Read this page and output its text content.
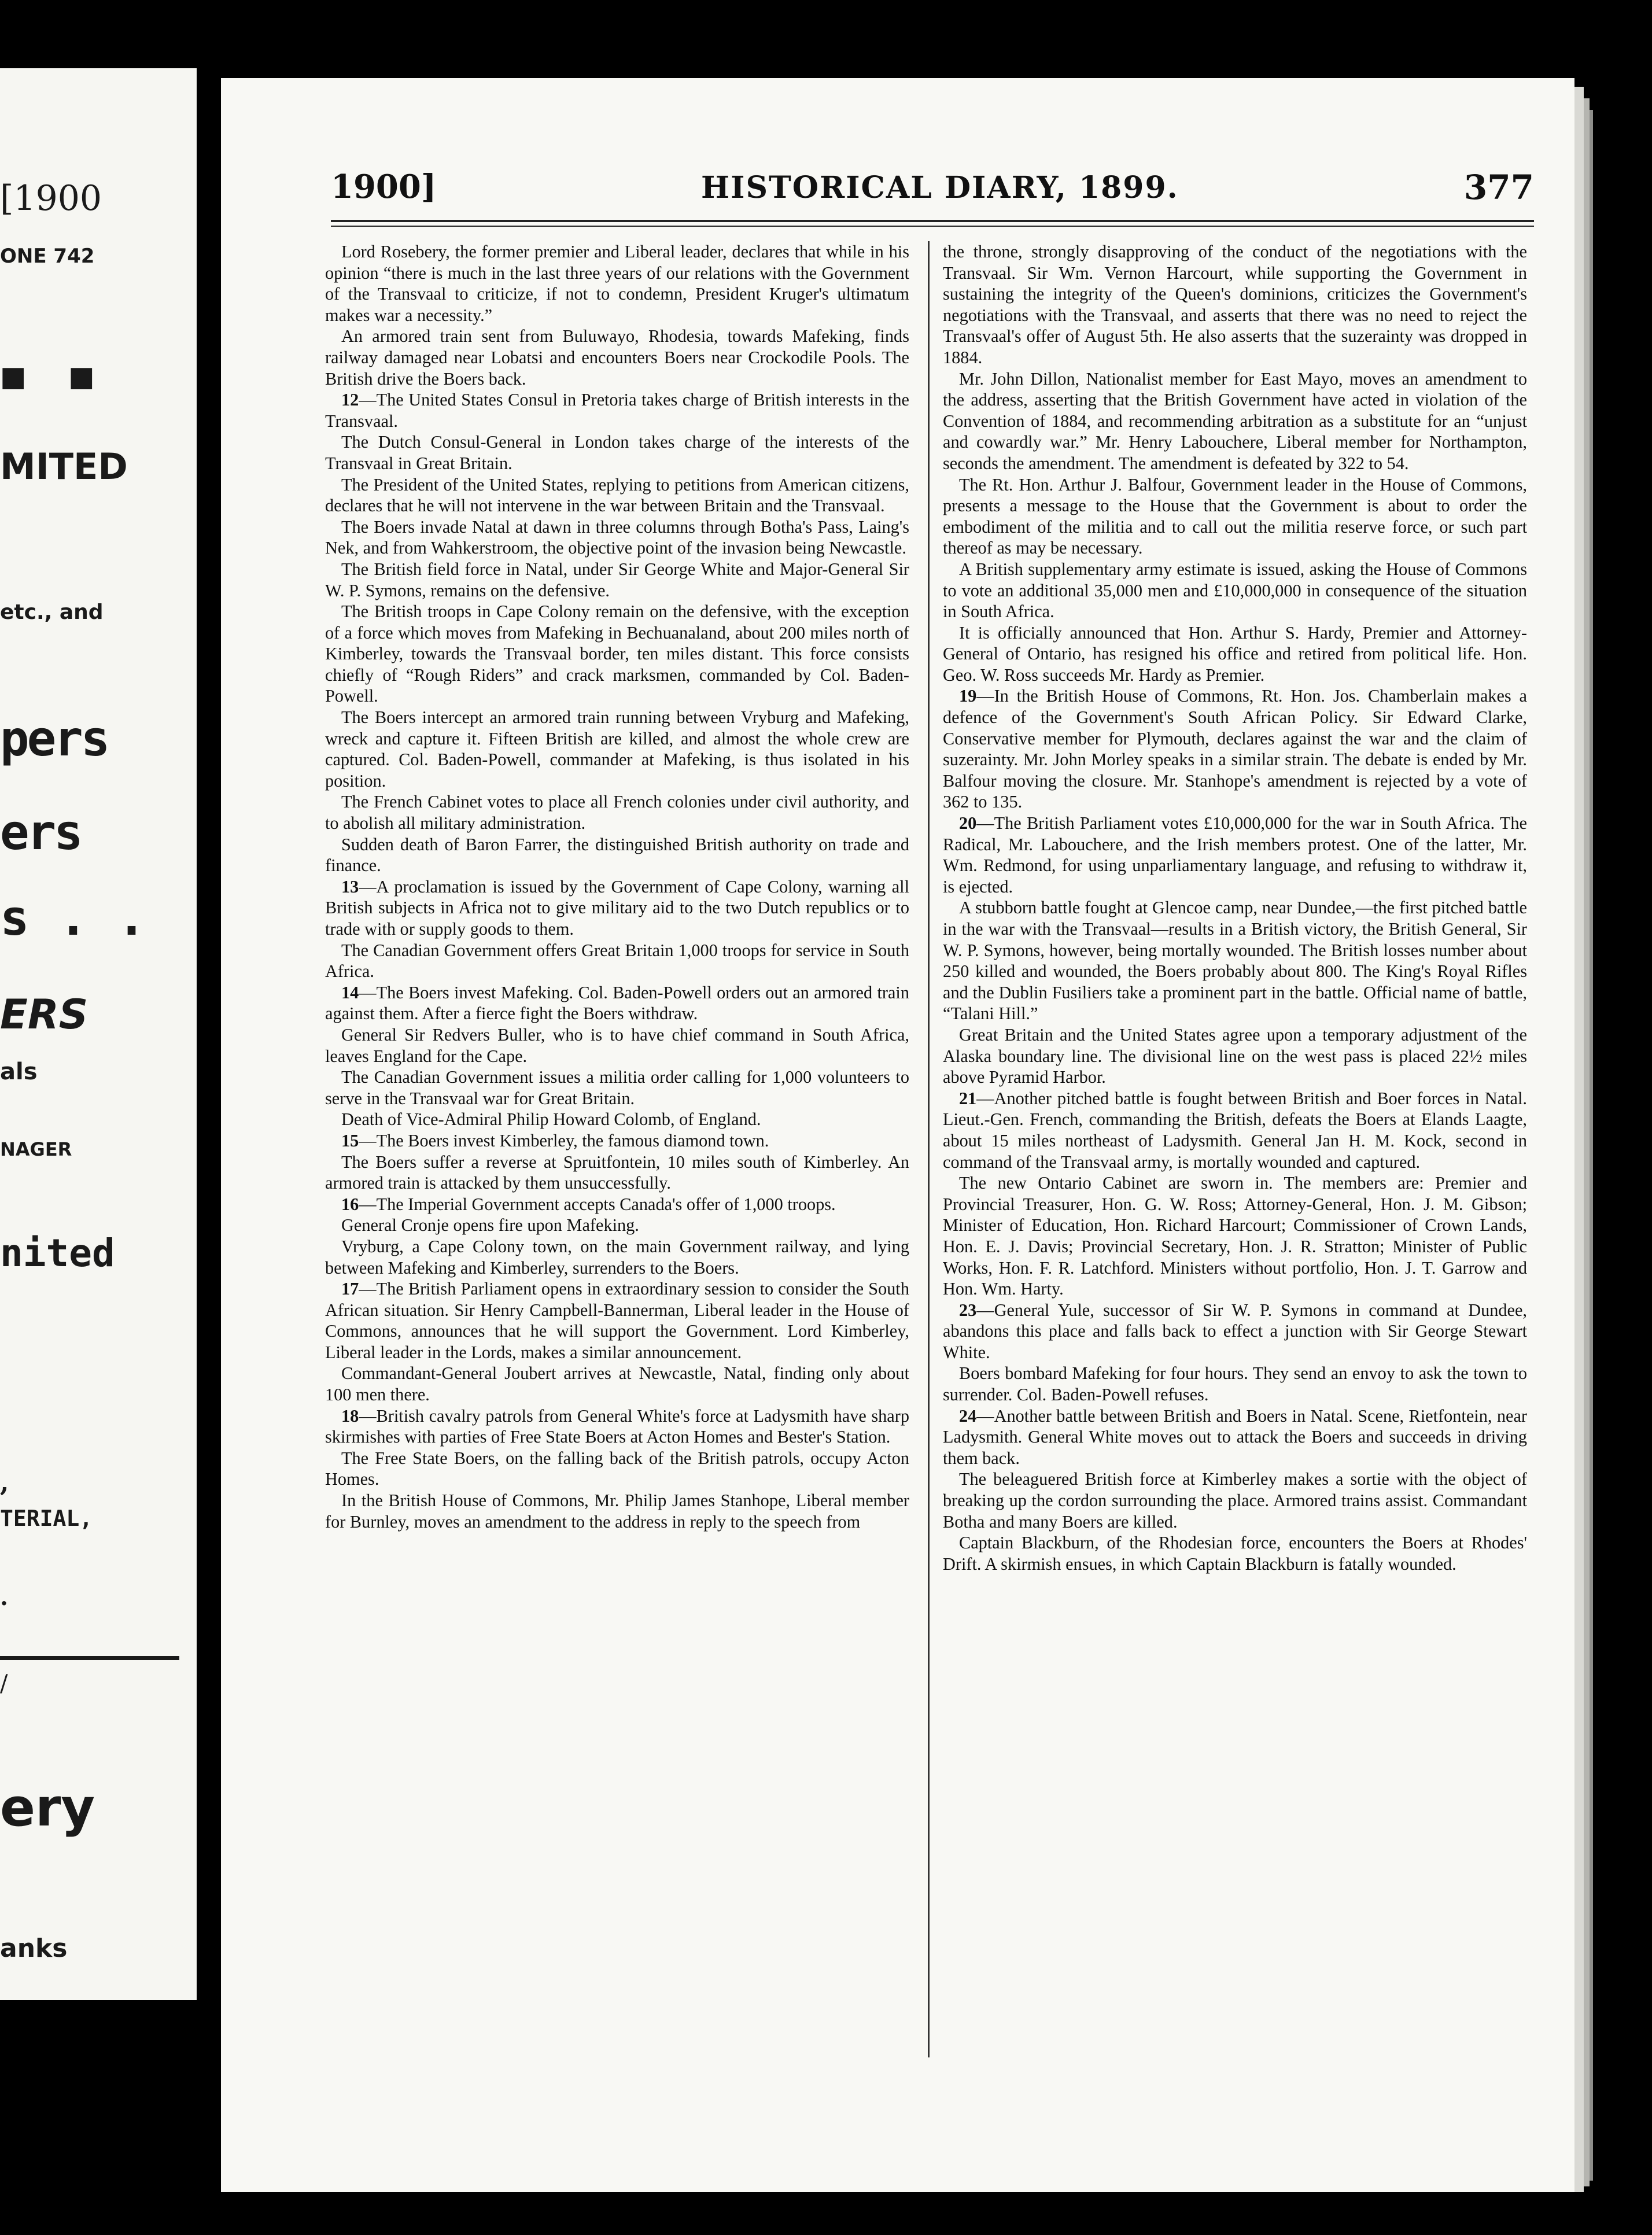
[1900
ONE 742
■ ■
MITED
etc., and
pers
ers
s . .
ERS
als
NAGER
nited
,
TERIAL,
.
/
ery
anks
1900]	HISTORICAL DIARY, 1899.	377

Lord Rosebery, the former premier and Liberal leader, declares that while in his opinion “there is much in the last three years of our relations with the Government of the Transvaal to criticize, if not to condemn, President Kruger's ultimatum makes war a necessity.”

An armored train sent from Buluwayo, Rhodesia, towards Mafeking, finds railway damaged near Lobatsi and encounters Boers near Crockodile Pools. The British drive the Boers back.

12—The United States Consul in Pretoria takes charge of British interests in the Transvaal.

The Dutch Consul-General in London takes charge of the interests of the Transvaal in Great Britain.

The President of the United States, replying to petitions from American citizens, declares that he will not intervene in the war between Britain and the Transvaal.

The Boers invade Natal at dawn in three columns through Botha's Pass, Laing's Nek, and from Wahkerstroom, the objective point of the invasion being Newcastle.

The British field force in Natal, under Sir George White and Major-General Sir W. P. Symons, remains on the defensive.

The British troops in Cape Colony remain on the defensive, with the exception of a force which moves from Mafeking in Bechuanaland, about 200 miles north of Kimberley, towards the Transvaal border, ten miles distant. This force consists chiefly of “Rough Riders” and crack marksmen, commanded by Col. Baden-Powell.

The Boers intercept an armored train running between Vryburg and Mafeking, wreck and capture it. Fifteen British are killed, and almost the whole crew are captured. Col. Baden-Powell, commander at Mafeking, is thus isolated in his position.

The French Cabinet votes to place all French colonies under civil authority, and to abolish all military administration.

Sudden death of Baron Farrer, the distinguished British authority on trade and finance.

13—A proclamation is issued by the Government of Cape Colony, warning all British subjects in Africa not to give military aid to the two Dutch republics or to trade with or supply goods to them.

The Canadian Government offers Great Britain 1,000 troops for service in South Africa.

14—The Boers invest Mafeking. Col. Baden-Powell orders out an armored train against them. After a fierce fight the Boers withdraw.

General Sir Redvers Buller, who is to have chief command in South Africa, leaves England for the Cape.

The Canadian Government issues a militia order calling for 1,000 volunteers to serve in the Transvaal war for Great Britain.

Death of Vice-Admiral Philip Howard Colomb, of England.

15—The Boers invest Kimberley, the famous diamond town.

The Boers suffer a reverse at Spruitfontein, 10 miles south of Kimberley. An armored train is attacked by them unsuccessfully.

16—The Imperial Government accepts Canada's offer of 1,000 troops.

General Cronje opens fire upon Mafeking.

Vryburg, a Cape Colony town, on the main Government railway, and lying between Mafeking and Kimberley, surrenders to the Boers.

17—The British Parliament opens in extraordinary session to consider the South African situation. Sir Henry Campbell-Bannerman, Liberal leader in the House of Commons, announces that he will support the Government. Lord Kimberley, Liberal leader in the Lords, makes a similar announcement.

Commandant-General Joubert arrives at Newcastle, Natal, finding only about 100 men there.

18—British cavalry patrols from General White's force at Ladysmith have sharp skirmishes with parties of Free State Boers at Acton Homes and Bester's Station.

The Free State Boers, on the falling back of the British patrols, occupy Acton Homes.

In the British House of Commons, Mr. Philip James Stanhope, Liberal member for Burnley, moves an amendment to the address in reply to the speech from

the throne, strongly disapproving of the conduct of the negotiations with the Transvaal. Sir Wm. Vernon Harcourt, while supporting the Government in sustaining the integrity of the Queen's dominions, criticizes the Government's negotiations with the Transvaal, and asserts that there was no need to reject the Transvaal's offer of August 5th. He also asserts that the suzerainty was dropped in 1884.

Mr. John Dillon, Nationalist member for East Mayo, moves an amendment to the address, asserting that the British Government have acted in violation of the Convention of 1884, and recommending arbitration as a substitute for an “unjust and cowardly war.” Mr. Henry Labouchere, Liberal member for Northampton, seconds the amendment. The amendment is defeated by 322 to 54.

The Rt. Hon. Arthur J. Balfour, Government leader in the House of Commons, presents a message to the House that the Government is about to order the embodiment of the militia and to call out the militia reserve force, or such part thereof as may be necessary.

A British supplementary army estimate is issued, asking the House of Commons to vote an additional 35,000 men and £10,000,000 in consequence of the situation in South Africa.

It is officially announced that Hon. Arthur S. Hardy, Premier and Attorney-General of Ontario, has resigned his office and retired from political life. Hon. Geo. W. Ross succeeds Mr. Hardy as Premier.

19—In the British House of Commons, Rt. Hon. Jos. Chamberlain makes a defence of the Government's South African Policy. Sir Edward Clarke, Conservative member for Plymouth, declares against the war and the claim of suzerainty. Mr. John Morley speaks in a similar strain. The debate is ended by Mr. Balfour moving the closure. Mr. Stanhope's amendment is rejected by a vote of 362 to 135.

20—The British Parliament votes £10,000,000 for the war in South Africa. The Radical, Mr. Labouchere, and the Irish members protest. One of the latter, Mr. Wm. Redmond, for using unparliamentary language, and refusing to withdraw it, is ejected.

A stubborn battle fought at Glencoe camp, near Dundee,—the first pitched battle in the war with the Transvaal—results in a British victory, the British General, Sir W. P. Symons, however, being mortally wounded. The British losses number about 250 killed and wounded, the Boers probably about 800. The King's Royal Rifles and the Dublin Fusiliers take a prominent part in the battle. Official name of battle, “Talani Hill.”

Great Britain and the United States agree upon a temporary adjustment of the Alaska boundary line. The divisional line on the west pass is placed 22½ miles above Pyramid Harbor.

21—Another pitched battle is fought between British and Boer forces in Natal. Lieut.-Gen. French, commanding the British, defeats the Boers at Elands Laagte, about 15 miles northeast of Ladysmith. General Jan H. M. Kock, second in command of the Transvaal army, is mortally wounded and captured.

The new Ontario Cabinet are sworn in. The members are: Premier and Provincial Treasurer, Hon. G. W. Ross; Attorney-General, Hon. J. M. Gibson; Minister of Education, Hon. Richard Harcourt; Commissioner of Crown Lands, Hon. E. J. Davis; Provincial Secretary, Hon. J. R. Stratton; Minister of Public Works, Hon. F. R. Latchford. Ministers without portfolio, Hon. J. T. Garrow and Hon. Wm. Harty.

23—General Yule, successor of Sir W. P. Symons in command at Dundee, abandons this place and falls back to effect a junction with Sir George Stewart White.

Boers bombard Mafeking for four hours. They send an envoy to ask the town to surrender. Col. Baden-Powell refuses.

24—Another battle between British and Boers in Natal. Scene, Rietfontein, near Ladysmith. General White moves out to attack the Boers and succeeds in driving them back.

The beleaguered British force at Kimberley makes a sortie with the object of breaking up the cordon surrounding the place. Armored trains assist. Commandant Botha and many Boers are killed.

Captain Blackburn, of the Rhodesian force, encounters the Boers at Rhodes' Drift. A skirmish ensues, in which Captain Blackburn is fatally wounded.
